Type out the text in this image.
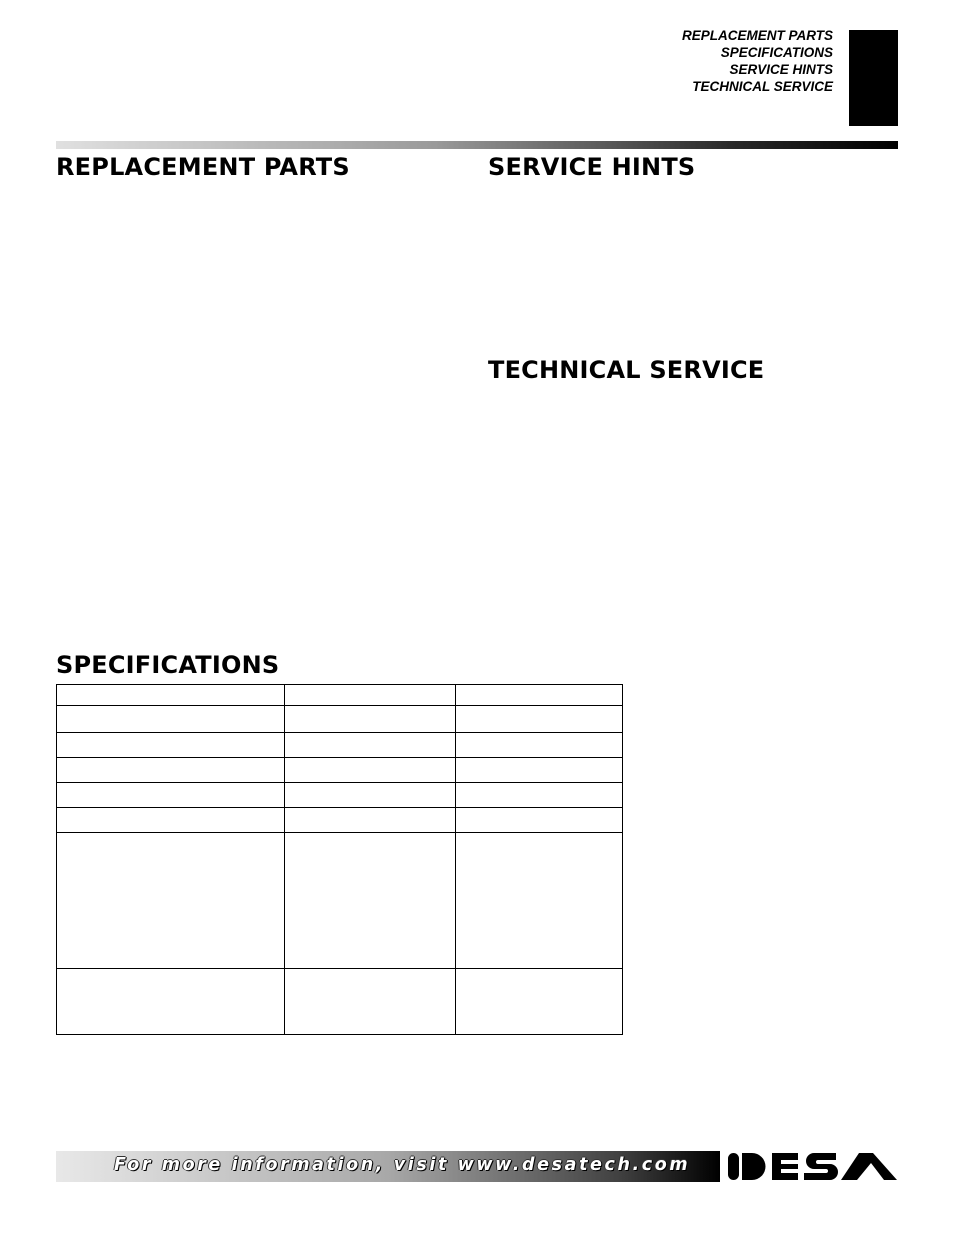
REPLACEMENT PARTS
SPECIFICATIONS
SERVICE HINTS
TECHNICAL SERVICE
REPLACEMENT PARTS	SERVICE HINTS
TECHNICAL SERVICE
SPECIFICATIONS

For more information, visit www.desatech.com
